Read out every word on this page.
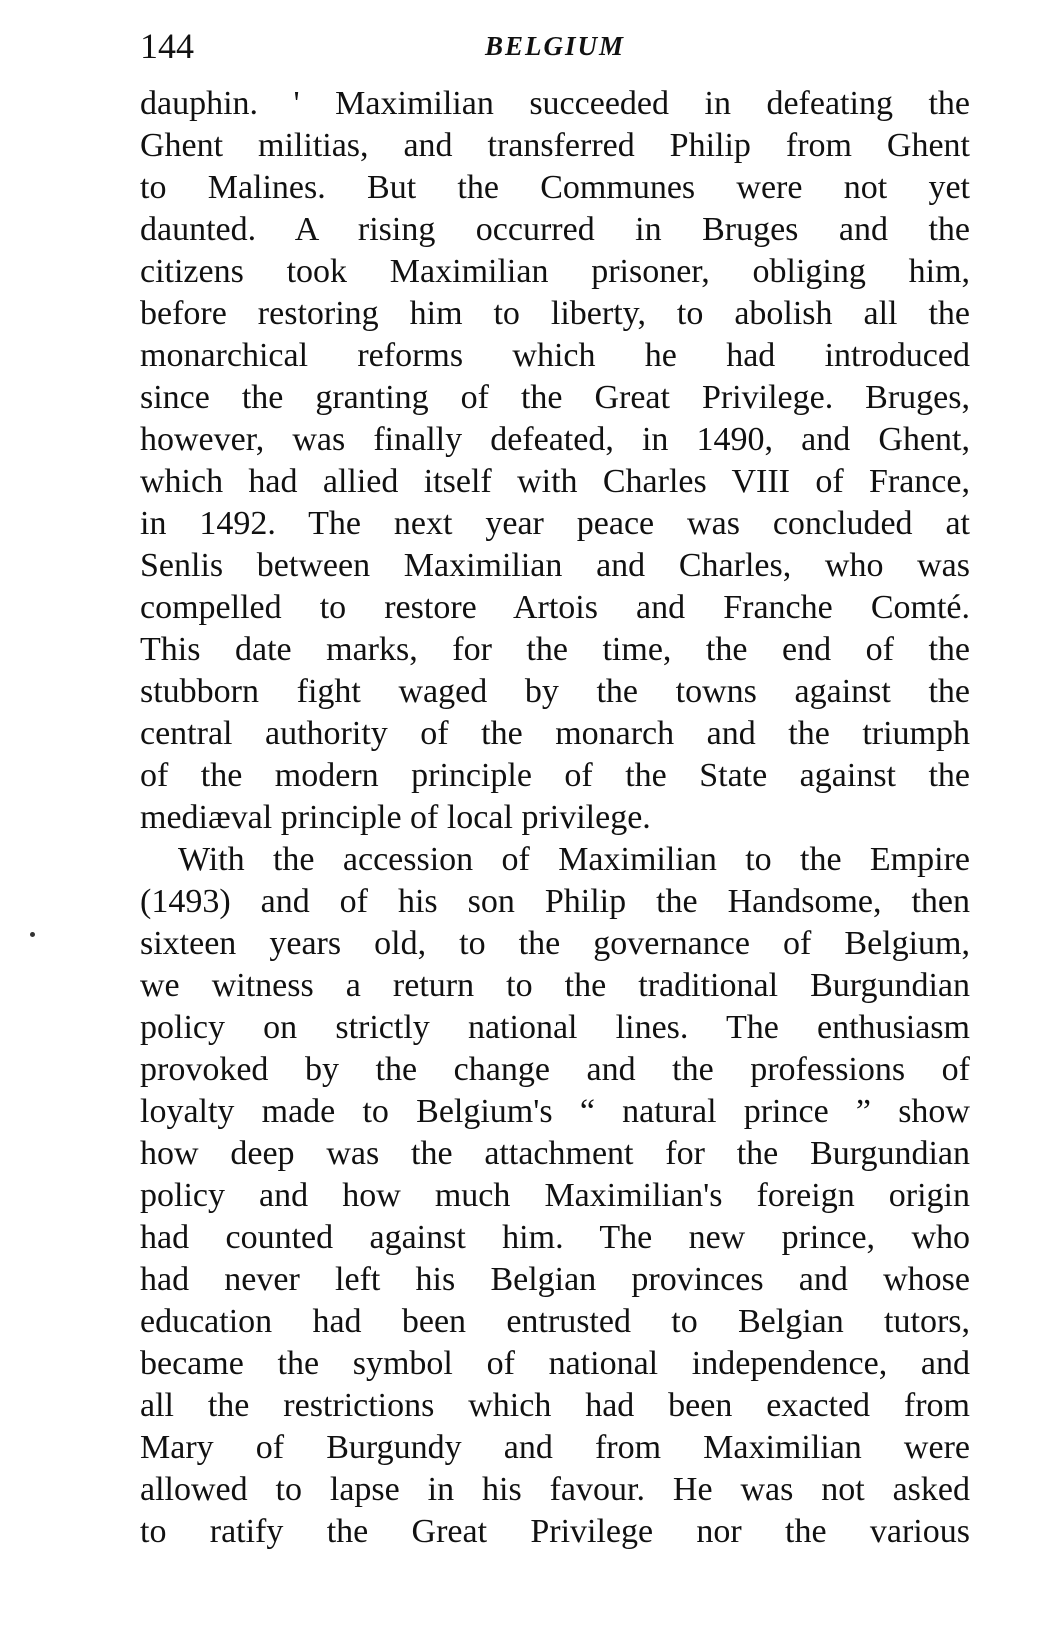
144	BELGIUM
dauphin. ' Maximilian succeeded in defeating the
Ghent militias, and transferred Philip from Ghent
to Malines. But the Communes were not yet
daunted. A rising occurred in Bruges and the
citizens took Maximilian prisoner, obliging him,
before restoring him to liberty, to abolish all the
monarchical reforms which he had introduced
since the granting of the Great Privilege. Bruges,
however, was finally defeated, in 1490, and Ghent,
which had allied itself with Charles VIII of France,
in 1492. The next year peace was concluded at
Senlis between Maximilian and Charles, who was
compelled to restore Artois and Franche Comté.
This date marks, for the time, the end of the
stubborn fight waged by the towns against the
central authority of the monarch and the triumph
of the modern principle of the State against the
mediæval principle of local privilege.
With the accession of Maximilian to the Empire
(1493) and of his son Philip the Handsome, then
sixteen years old, to the governance of Belgium,
we witness a return to the traditional Burgundian
policy on strictly national lines. The enthusiasm
provoked by the change and the professions of
loyalty made to Belgium's “ natural prince ” show
how deep was the attachment for the Burgundian
policy and how much Maximilian's foreign origin
had counted against him. The new prince, who
had never left his Belgian provinces and whose
education had been entrusted to Belgian tutors,
became the symbol of national independence, and
all the restrictions which had been exacted from
Mary of Burgundy and from Maximilian were
allowed to lapse in his favour. He was not asked
to ratify the Great Privilege nor the various
